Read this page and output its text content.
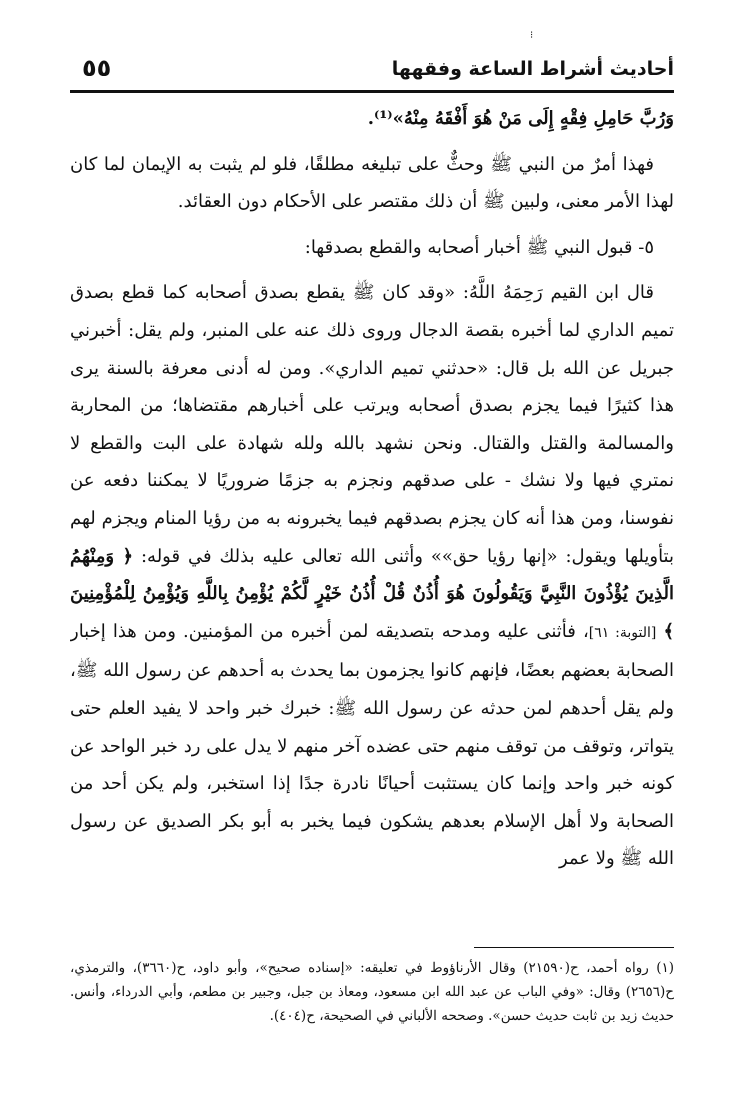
⁝
أحاديث أشراط الساعة وفقهها
٥٥

وَرُبَّ حَامِلِ فِقْهٍ إِلَى مَنْ هُوَ أَفْقَهُ مِنْهُ»⁽¹⁾.

فهذا أمرٌ من النبي ﷺ وحثٌّ على تبليغه مطلقًا، فلو لم يثبت به الإيمان لما كان لهذا الأمر معنى، ولبين ﷺ أن ذلك مقتصر على الأحكام دون العقائد.

٥- قبول النبي ﷺ أخبار أصحابه والقطع بصدقها:

قال ابن القيم رَحِمَهُ اللَّهُ: «وقد كان ﷺ يقطع بصدق أصحابه كما قطع بصدق تميم الداري لما أخبره بقصة الدجال وروى ذلك عنه على المنبر، ولم يقل: أخبرني جبريل عن الله بل قال: «حدثني تميم الداري». ومن له أدنى معرفة بالسنة يرى هذا كثيرًا فيما يجزم بصدق أصحابه ويرتب على أخبارهم مقتضاها؛ من المحاربة والمسالمة والقتل والقتال. ونحن نشهد بالله ولله شهادة على البت والقطع لا نمتري فيها ولا نشك - على صدقهم ونجزم به جزمًا ضروريًا لا يمكننا دفعه عن نفوسنا، ومن هذا أنه كان يجزم بصدقهم فيما يخبرونه به من رؤيا المنام ويجزم لهم بتأويلها ويقول: «إنها رؤيا حق»» وأثنى الله تعالى عليه بذلك في قوله: ﴿ وَمِنْهُمُ الَّذِينَ يُؤْذُونَ النَّبِيَّ وَيَقُولُونَ هُوَ أُذُنٌ قُلْ أُذُنُ خَيْرٍ لَّكُمْ يُؤْمِنُ بِاللَّهِ وَيُؤْمِنُ لِلْمُؤْمِنِينَ ﴾ [التوبة: ٦١]، فأثنى عليه ومدحه بتصديقه لمن أخبره من المؤمنين. ومن هذا إخبار الصحابة بعضهم بعضًا، فإنهم كانوا يجزمون بما يحدث به أحدهم عن رسول الله ﷺ، ولم يقل أحدهم لمن حدثه عن رسول الله ﷺ: خبرك خبر واحد لا يفيد العلم حتى يتواتر، وتوقف من توقف منهم حتى عضده آخر منهم لا يدل على رد خبر الواحد عن كونه خبر واحد وإنما كان يستثبت أحيانًا نادرة جدًا إذا استخبر، ولم يكن أحد من الصحابة ولا أهل الإسلام بعدهم يشكون فيما يخبر به أبو بكر الصديق عن رسول الله ﷺ ولا عمر

(١) رواه أحمد، ح(٢١٥٩٠) وقال الأرناؤوط في تعليقه: «إسناده صحيح»، وأبو داود، ح(٣٦٦٠)، والترمذي، ح(٢٦٥٦) وقال: «وفي الباب عن عبد الله ابن مسعود، ومعاذ بن جبل، وجبير بن مطعم، وأبي الدرداء، وأنس. حديث زيد بن ثابت حديث حسن». وصححه الألباني في الصحيحة، ح(٤٠٤).
